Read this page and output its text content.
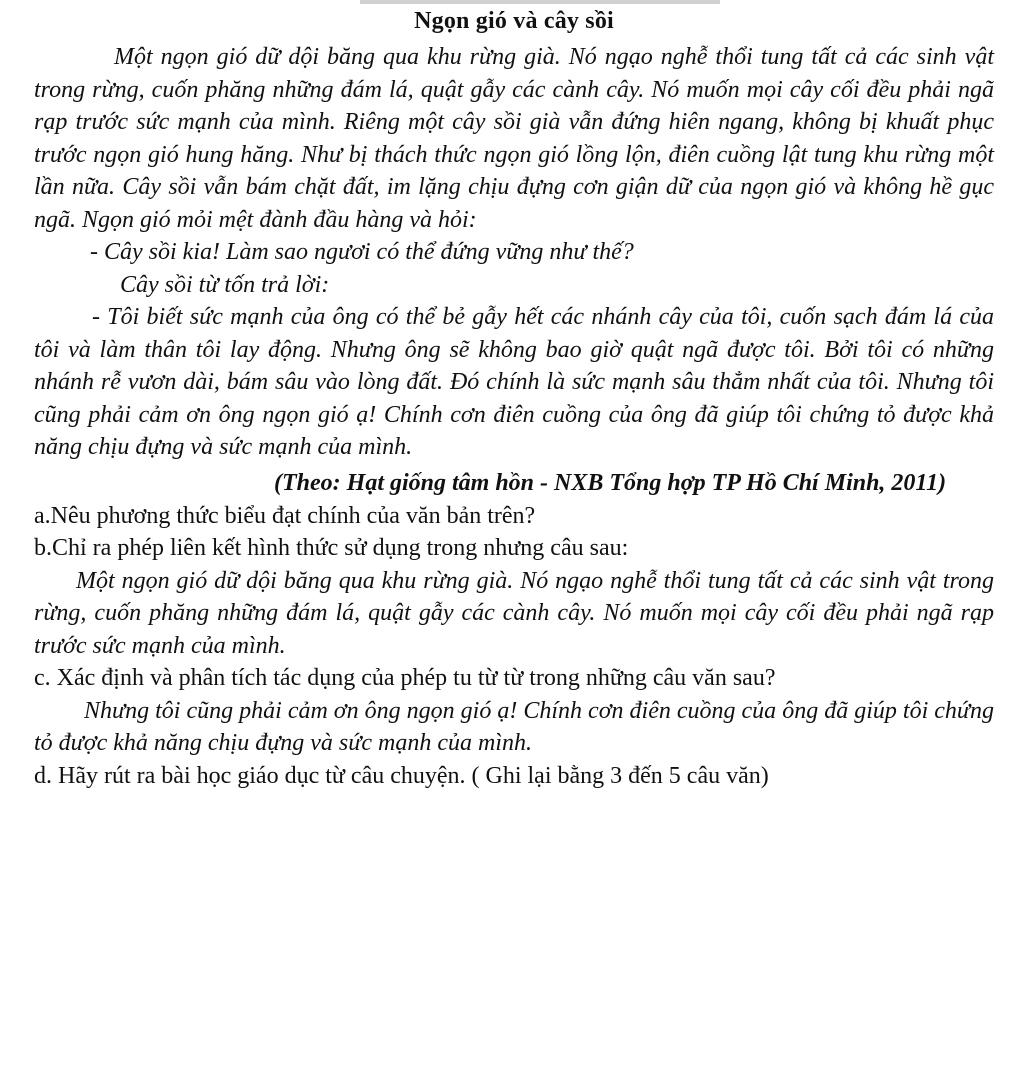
Ngọn gió và cây sồi

Một ngọn gió dữ dội băng qua khu rừng già. Nó ngạo nghễ thổi tung tất cả các sinh vật trong rừng, cuốn phăng những đám lá, quật gẫy các cành cây. Nó muốn mọi cây cối đều phải ngã rạp trước sức mạnh của mình. Riêng một cây sồi già vẫn đứng hiên ngang, không bị khuất phục trước ngọn gió hung hăng. Như bị thách thức ngọn gió lồng lộn, điên cuồng lật tung khu rừng một lần nữa. Cây sồi vẫn bám chặt đất, im lặng chịu đựng cơn giận dữ của ngọn gió và không hề gục ngã. Ngọn gió mỏi mệt đành đầu hàng và hỏi:

- Cây sồi kia! Làm sao ngươi có thể đứng vững như thế?

Cây sồi từ tốn trả lời:

- Tôi biết sức mạnh của ông có thể bẻ gẫy hết các nhánh cây của tôi, cuốn sạch đám lá của tôi và làm thân tôi lay động. Nhưng ông sẽ không bao giờ quật ngã được tôi. Bởi tôi có những nhánh rễ vươn dài, bám sâu vào lòng đất. Đó chính là sức mạnh sâu thẳm nhất của tôi. Nhưng tôi cũng phải cảm ơn ông ngọn gió ạ! Chính cơn điên cuồng của ông đã giúp tôi chứng tỏ được khả năng chịu đựng và sức mạnh của mình.

(Theo: Hạt giống tâm hồn - NXB Tổng hợp TP Hồ Chí Minh, 2011)

a.Nêu phương thức biểu đạt chính của văn bản trên?

b.Chỉ ra phép liên kết hình thức sử dụng trong nhưng câu sau:

Một ngọn gió dữ dội băng qua khu rừng già. Nó ngạo nghễ thổi tung tất cả các sinh vật trong rừng, cuốn phăng những đám lá, quật gẫy các cành cây. Nó muốn mọi cây cối đều phải ngã rạp trước sức mạnh của mình.

c. Xác định và phân tích tác dụng của phép tu từ từ trong những câu văn sau?

Nhưng tôi cũng phải cảm ơn ông ngọn gió ạ! Chính cơn điên cuồng của ông đã giúp tôi chứng tỏ được khả năng chịu đựng và sức mạnh của mình.

d. Hãy rút ra bài học giáo dục từ câu chuyện. ( Ghi lại bằng 3 đến 5 câu văn)
